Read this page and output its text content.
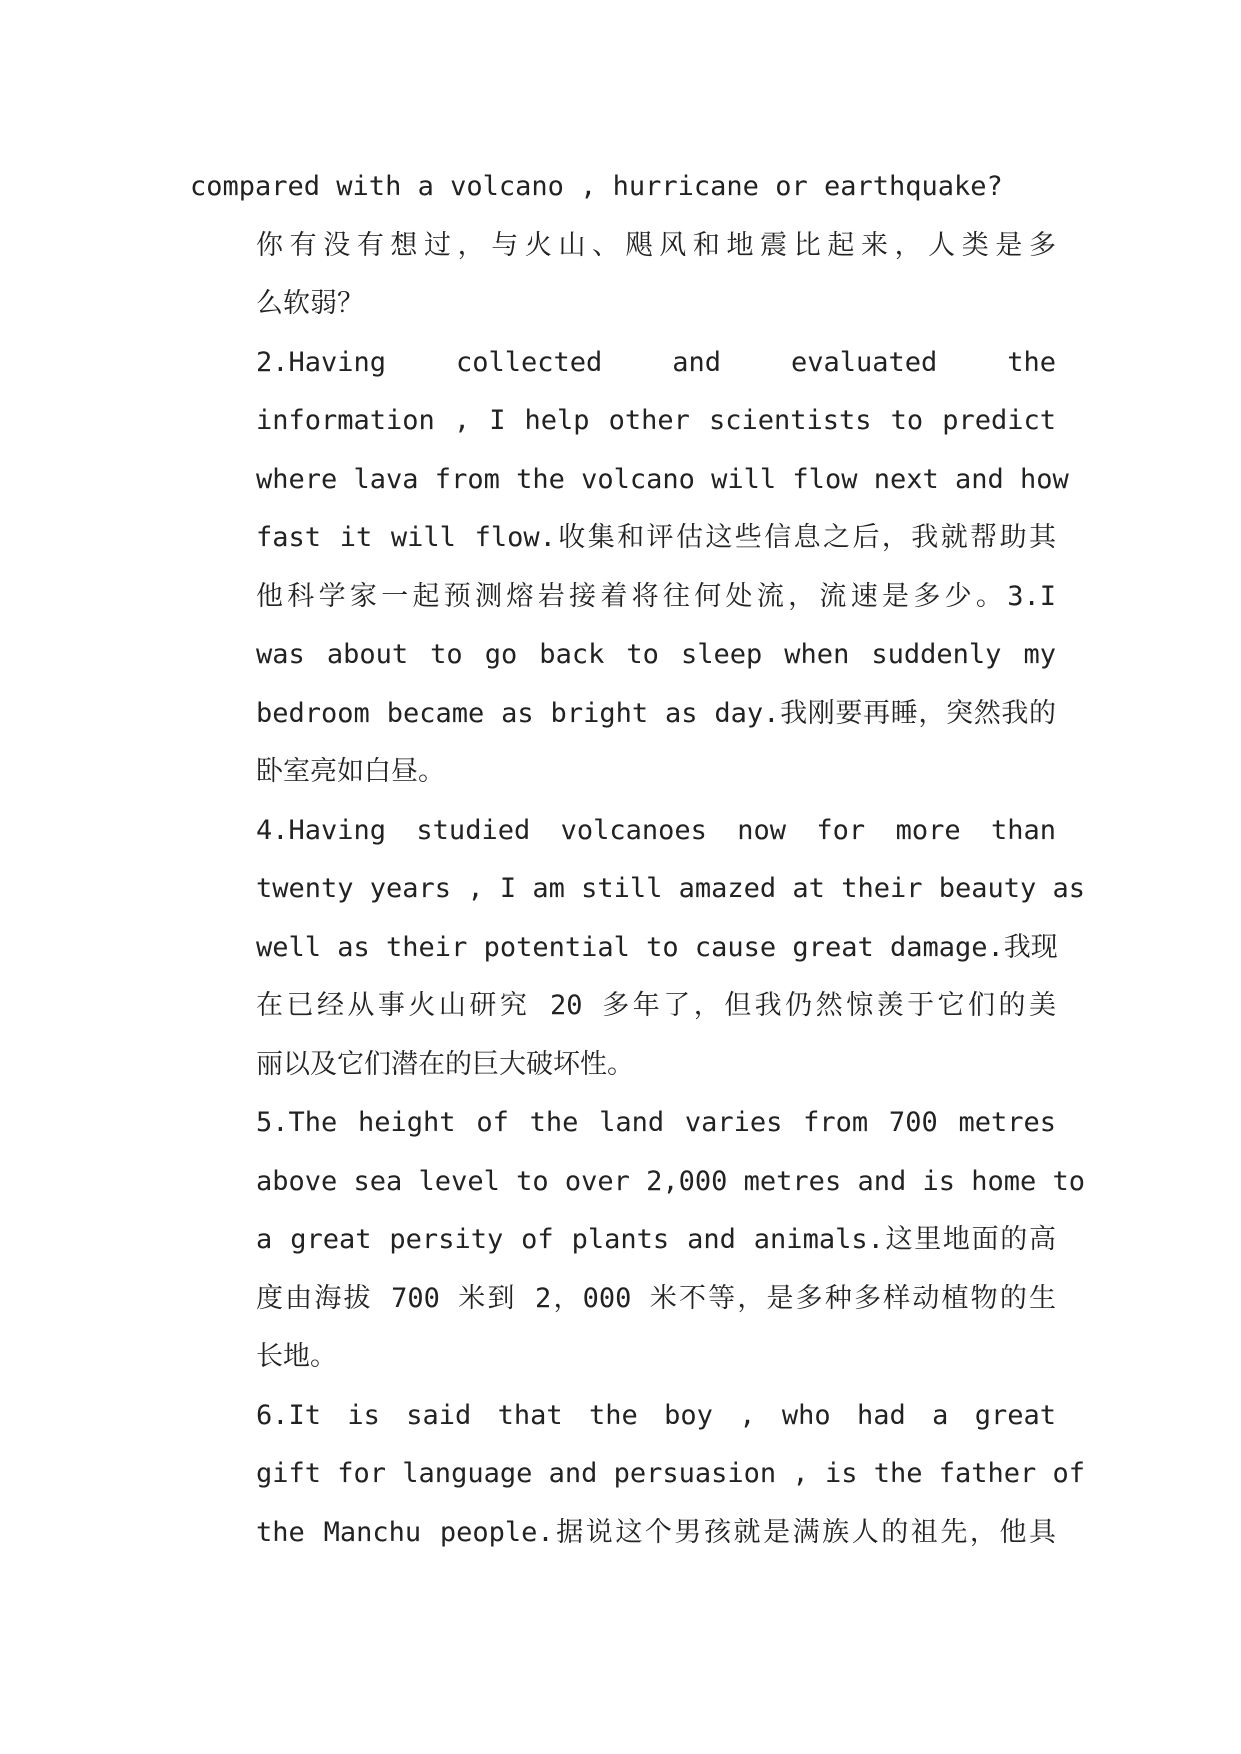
compared with a volcano , hurricane or earthquake?

你有没有想过，与火山、飓风和地震比起来，人类是多
么软弱？

2.Having collected and evaluated the
information , I help other scientists to predict
where lava from the volcano will flow next and how
fast it will flow.收集和评估这些信息之后，我就帮助其
他科学家一起预测熔岩接着将往何处流，流速是多少。3.I
was about to go back to sleep when suddenly my
bedroom became as bright as day.我刚要再睡，突然我的
卧室亮如白昼。

4.Having studied volcanoes now for more than
twenty years , I am still amazed at their beauty as
well as their potential to cause great damage.我现
在已经从事火山研究 20 多年了，但我仍然惊羡于它们的美
丽以及它们潜在的巨大破坏性。

5.The height of the land varies from 700 metres
above sea level to over 2,000 metres and is home to
a great persity of plants and animals.这里地面的高
度由海拔 700 米到 2，000 米不等，是多种多样动植物的生
长地。

6.It is said that the boy , who had a great
gift for language and persuasion , is the father of
the Manchu people.据说这个男孩就是满族人的祖先，他具
